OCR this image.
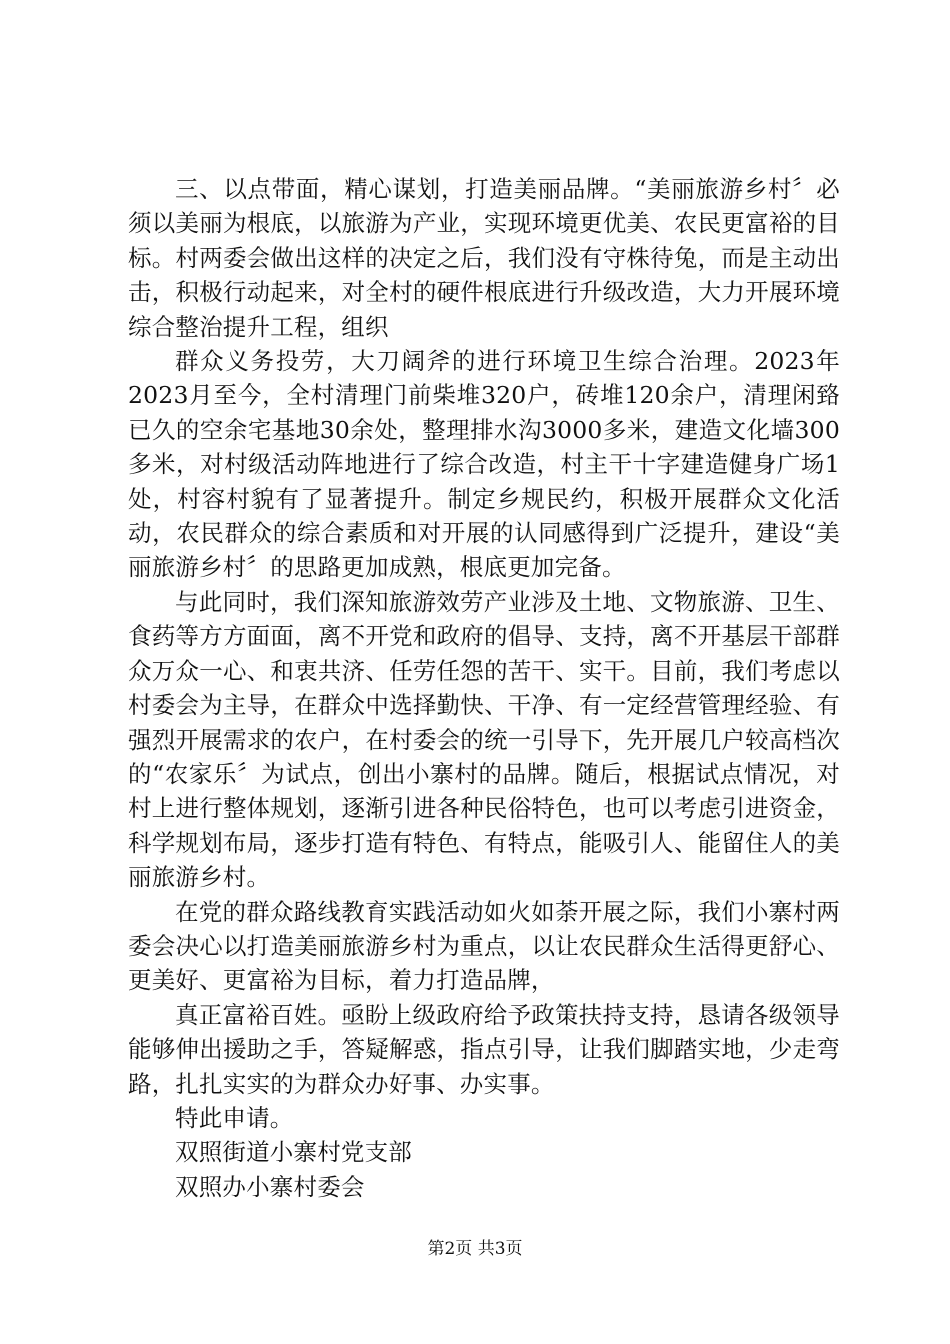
三、以点带面，精心谋划，打造美丽品牌。“美丽旅游乡村〞必须以美丽为根底，以旅游为产业，实现环境更优美、农民更富裕的目标。村两委会做出这样的决定之后，我们没有守株待兔，而是主动出击，积极行动起来，对全村的硬件根底进行升级改造，大力开展环境综合整治提升工程，组织

群众义务投劳，大刀阔斧的进行环境卫生综合治理。2023年2023月至今，全村清理门前柴堆320户，砖堆120余户，清理闲臵已久的空余宅基地30余处，整理排水沟3000多米，建造文化墙300多米，对村级活动阵地进行了综合改造，村主干十字建造健身广场1处，村容村貌有了显著提升。制定乡规民约，积极开展群众文化活动，农民群众的综合素质和对开展的认同感得到广泛提升，建设“美丽旅游乡村〞的思路更加成熟，根底更加完备。

与此同时，我们深知旅游效劳产业涉及土地、文物旅游、卫生、食药等方方面面，离不开党和政府的倡导、支持，离不开基层干部群众万众一心、和衷共济、任劳任怨的苦干、实干。目前，我们考虑以村委会为主导，在群众中选择勤快、干净、有一定经营管理经验、有强烈开展需求的农户，在村委会的统一引导下，先开展几户较高档次的“农家乐〞为试点，创出小寨村的品牌。随后，根据试点情况，对村上进行整体规划，逐渐引进各种民俗特色，也可以考虑引进资金，科学规划布局，逐步打造有特色、有特点，能吸引人、能留住人的美丽旅游乡村。

在党的群众路线教育实践活动如火如荼开展之际，我们小寨村两委会决心以打造美丽旅游乡村为重点，以让农民群众生活得更舒心、更美好、更富裕为目标，着力打造品牌，

真正富裕百姓。亟盼上级政府给予政策扶持支持，恳请各级领导能够伸出援助之手，答疑解惑，指点引导，让我们脚踏实地，少走弯路，扎扎实实的为群众办好事、办实事。

特此申请。

双照街道小寨村党支部

双照办小寨村委会

第2页 共3页
